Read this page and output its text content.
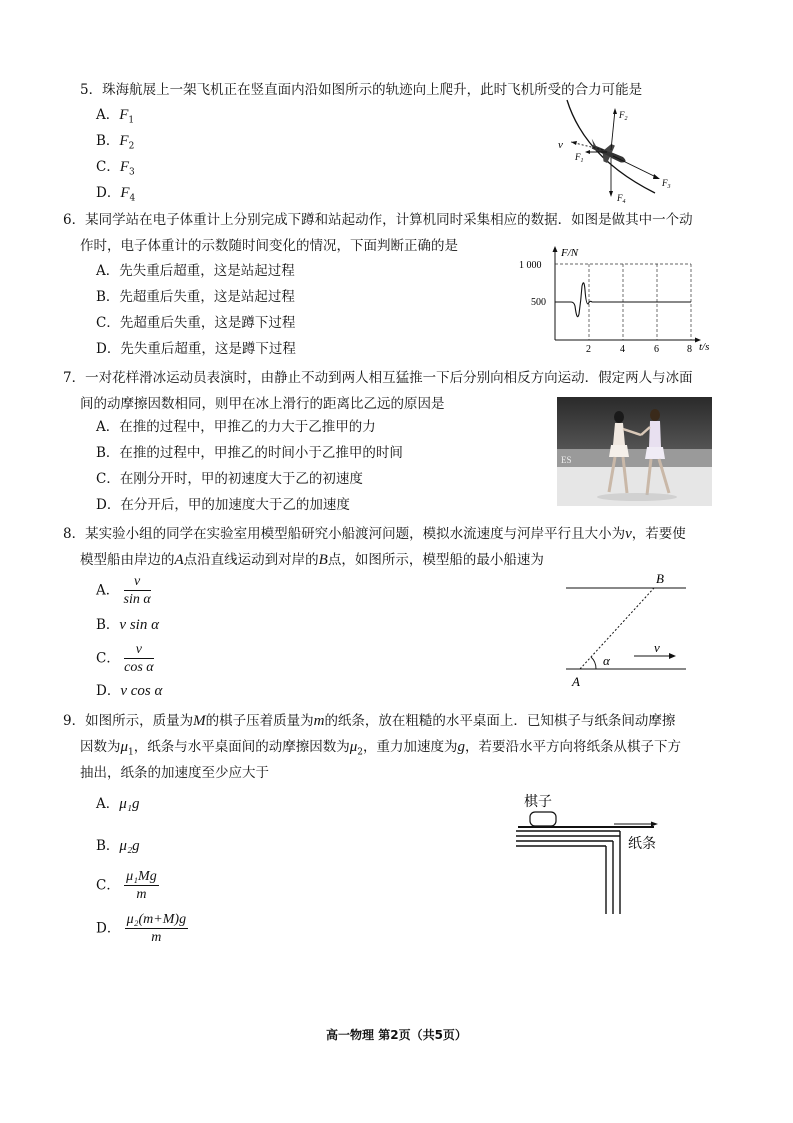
5．珠海航展上一架飞机正在竖直面内沿如图所示的轨迹向上爬升，此时飞机所受的合力可能是
A．$F_1$
B．$F_2$
C．$F_3$
D．$F_4$
v
$F_1$
$F_2$
$F_3$
$F_4$
6．某同学站在电子体重计上分别完成下蹲和站起动作，计算机同时采集相应的数据．如图是做其中一个动
作时，电子体重计的示数随时间变化的情况，下面判断正确的是
A．先失重后超重，这是站起过程
B．先超重后失重，这是站起过程
C．先超重后失重，这是蹲下过程
D．先失重后超重，这是蹲下过程
F/N
t/s
1 000
500
2	4	6	8
7．一对花样滑冰运动员表演时，由静止不动到两人相互猛推一下后分别向相反方向运动．假定两人与冰面
间的动摩擦因数相同，则甲在冰上滑行的距离比乙远的原因是
A．在推的过程中，甲推乙的力大于乙推甲的力
B．在推的过程中，甲推乙的时间小于乙推甲的时间
C．在刚分开时，甲的初速度大于乙的初速度
D．在分开后，甲的加速度大于乙的加速度
ES
8．某实验小组的同学在实验室用模型船研究小船渡河问题，模拟水流速度与河岸平行且大小为v，若要使
模型船由岸边的A点沿直线运动到对岸的B点，如图所示，模型船的最小船速为
A． $\frac{v}{\text{sin α}}$
B．v sin α
C． $\frac{v}{\text{cos α}}$
D．v cos α
α
A
B
v
9．如图所示，质量为M的棋子压着质量为m的纸条，放在粗糙的水平桌面上．已知棋子与纸条间动摩擦
因数为$\mu_1$，纸条与水平桌面间的动摩擦因数为$\mu_2$，重力加速度为g，若要沿水平方向将纸条从棋子下方
抽出，纸条的加速度至少应大于
A．μ₁g
B．μ₂g
C． $\frac{\text{μ₁Mg}}{m}$
D． $\frac{\text{μ₂(m+M)g}}{m}$
棋子
纸条
高一物理 第2页（共5页）
